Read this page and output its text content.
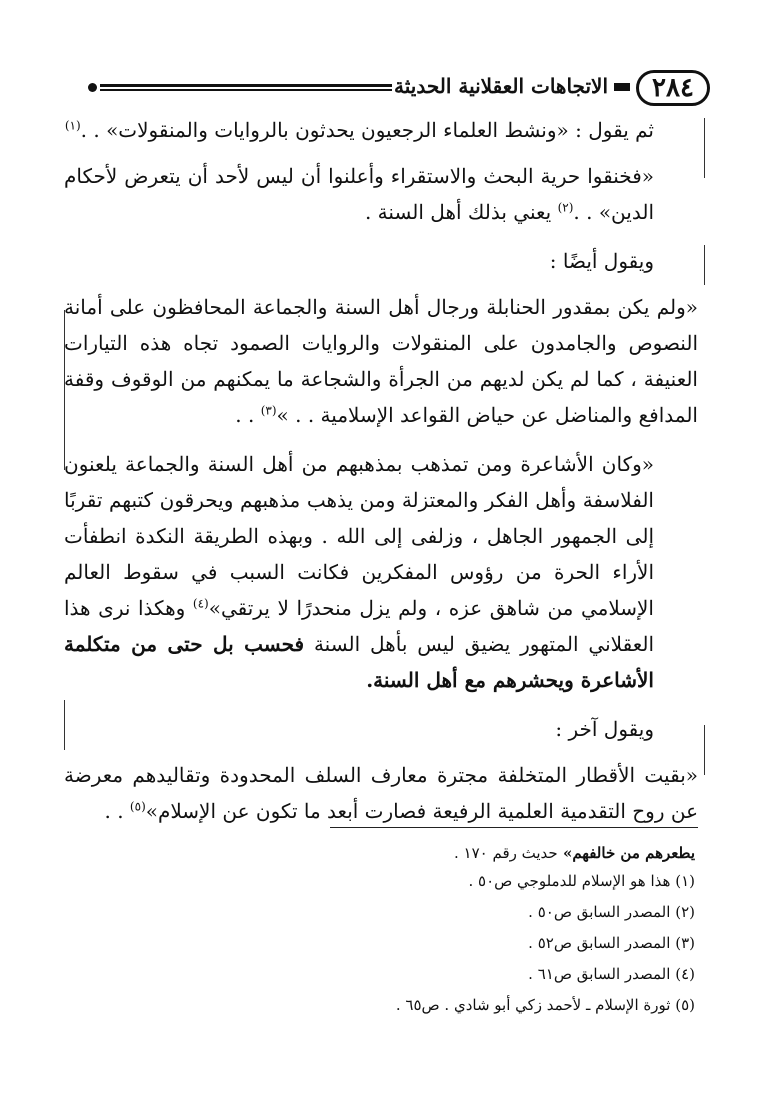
٢٨٤
الاتجاهات العقلانية الحديثة

ثم يقول : «ونشط العلماء الرجعيون يحدثون بالروايات والمنقولات» . .$^{(١)}$

«فخنقوا حرية البحث والاستقراء وأعلنوا أن ليس لأحد أن يتعرض لأحكام الدين» . .$^{(٢)}$ يعني بذلك أهل السنة .

ويقول أيضًا :

«ولم يكن بمقدور الحنابلة ورجال أهل السنة والجماعة المحافظون على أمانة النصوص والجامدون على المنقولات والروايات الصمود تجاه هذه التيارات العنيفة ، كما لم يكن لديهم من الجرأة والشجاعة ما يمكنهم من الوقوف وقفة المدافع والمناضل عن حياض القواعد الإسلامية . . »$^{(٣)}$ . .

«وكان الأشاعرة ومن تمذهب بمذهبهم من أهل السنة والجماعة يلعنون الفلاسفة وأهل الفكر والمعتزلة ومن يذهب مذهبهم ويحرقون كتبهم تقربًا إلى الجمهور الجاهل ، وزلفى إلى الله . وبهذه الطريقة النكدة انطفأت الأراء الحرة من رؤوس المفكرين فكانت السبب في سقوط العالم الإسلامي من شاهق عزه ، ولم يزل منحدرًا لا يرتقي»$^{(٤)}$ وهكذا نرى هذا العقلاني المتهور يضيق ليس بأهل السنة فحسب بل حتى من متكلمة الأشاعرة ويحشرهم مع أهل السنة.

ويقول آخر :

«بقيت الأقطار المتخلفة مجترة معارف السلف المحدودة وتقاليدهم معرضة عن روح التقدمية العلمية الرفيعة فصارت أبعد ما تكون عن الإسلام»$^{(٥)}$ . .

يطعرهم من خالفهم» حديث رقم ١٧٠ .
(١) هذا هو الإسلام للدملوجي ص٥٠ .
(٢) المصدر السابق ص٥٠ .
(٣) المصدر السابق ص٥٢ .
(٤) المصدر السابق ص٦١ .
(٥) ثورة الإسلام ـ لأحمد زكي أبو شادي . ص٦٥ .
